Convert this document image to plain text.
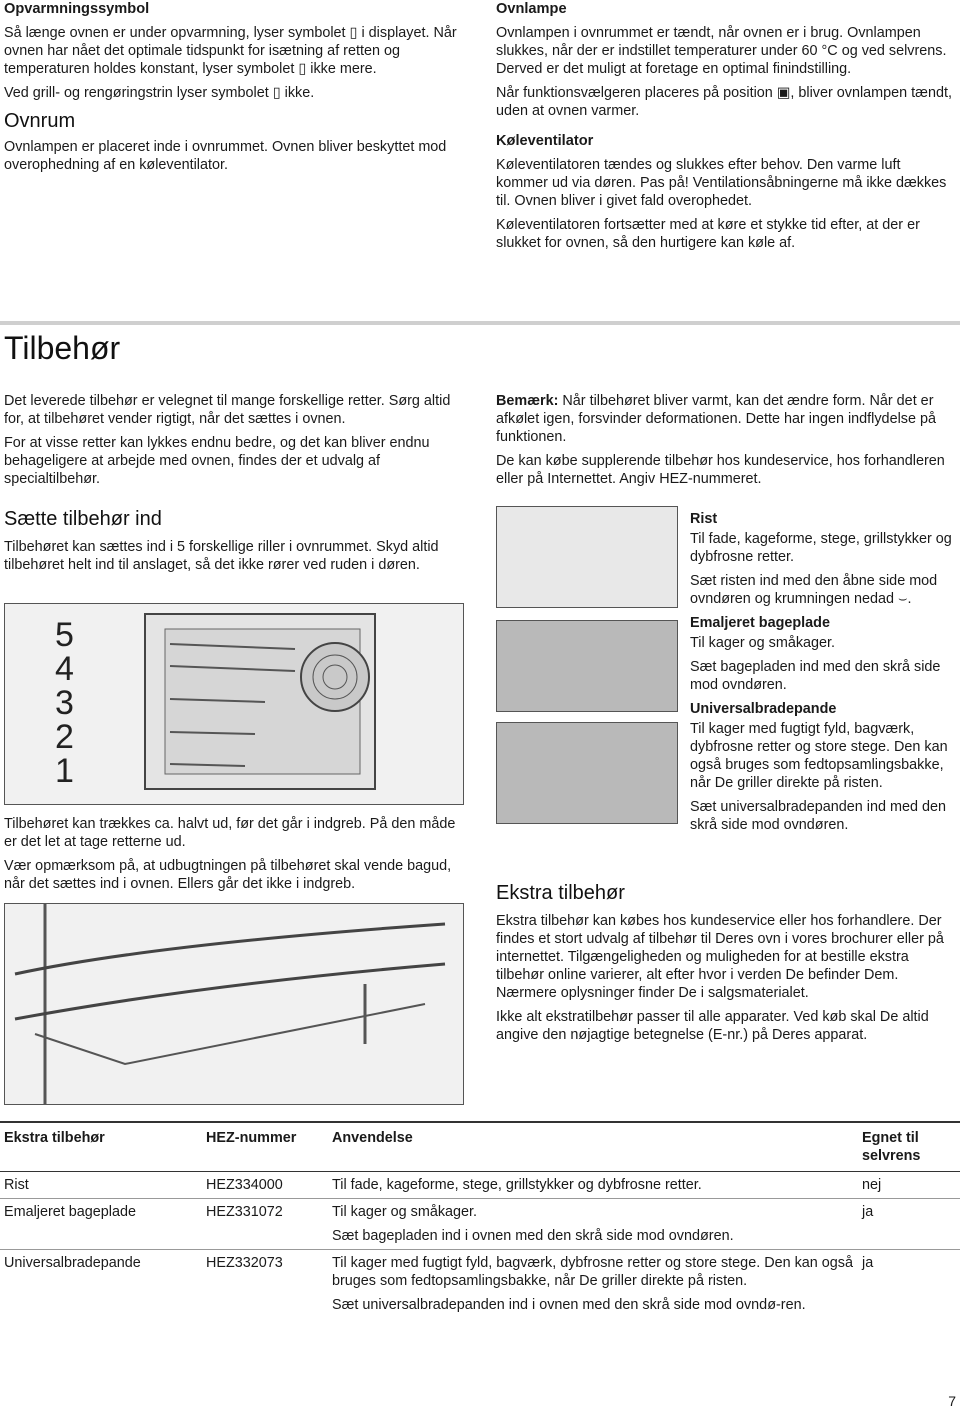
Opvarmningssymbol

Så længe ovnen er under opvarmning, lyser symbolet ▯ i displayet. Når ovnen har nået det optimale tidspunkt for isætning af retten og temperaturen holdes konstant, lyser symbolet ▯ ikke mere.

Ved grill- og rengøringstrin lyser symbolet ▯ ikke.

Ovnrum

Ovnlampen er placeret inde i ovnrummet. Ovnen bliver beskyttet mod overophedning af en køleventilator.

Ovnlampe

Ovnlampen i ovnrummet er tændt, når ovnen er i brug. Ovnlampen slukkes, når der er indstillet temperaturer under 60 °C og ved selvrens. Derved er det muligt at foretage en optimal finindstilling.

Når funktionsvælgeren placeres på position ▣, bliver ovnlampen tændt, uden at ovnen varmer.

Køleventilator

Køleventilatoren tændes og slukkes efter behov. Den varme luft kommer ud via døren. Pas på! Ventilationsåbningerne må ikke dækkes til. Ovnen bliver i givet fald overophedet.

Køleventilatoren fortsætter med at køre et stykke tid efter, at der er slukket for ovnen, så den hurtigere kan køle af.

Tilbehør

Det leverede tilbehør er velegnet til mange forskellige retter. Sørg altid for, at tilbehøret vender rigtigt, når det sættes i ovnen.

For at visse retter kan lykkes endnu bedre, og det kan bliver endnu behageligere at arbejde med ovnen, findes der et udvalg af specialtilbehør.

Sætte tilbehør ind

Tilbehøret kan sættes ind i 5 forskellige riller i ovnrummet. Skyd altid tilbehøret helt ind til anslaget, så det ikke rører ved ruden i døren.

5
4
3
2
1

Tilbehøret kan trækkes ca. halvt ud, før det går i indgreb. På den måde er det let at tage retterne ud.

Vær opmærksom på, at udbugtningen på tilbehøret skal vende bagud, når det sættes ind i ovnen. Ellers går det ikke i indgreb.

Bemærk: Når tilbehøret bliver varmt, kan det ændre form. Når det er afkølet igen, forsvinder deformationen. Dette har ingen indflydelse på funktionen.

De kan købe supplerende tilbehør hos kundeservice, hos forhandleren eller på Internettet. Angiv HEZ-nummeret.

Rist

Til fade, kageforme, stege, grillstykker og dybfrosne retter.

Sæt risten ind med den åbne side mod ovndøren og krumningen nedad ⌣.

Emaljeret bageplade

Til kager og småkager.

Sæt bagepladen ind med den skrå side mod ovndøren.

Universalbradepande

Til kager med fugtigt fyld, bagværk, dybfrosne retter og store stege. Den kan også bruges som fedtopsamlingsbakke, når De griller direkte på risten.

Sæt universalbradepanden ind med den skrå side mod ovndøren.

Ekstra tilbehør

Ekstra tilbehør kan købes hos kundeservice eller hos forhandlere. Der findes et stort udvalg af tilbehør til Deres ovn i vores brochurer eller på internettet. Tilgængeligheden og muligheden for at bestille ekstra tilbehør online varierer, alt efter hvor i verden De befinder Dem. Nærmere oplysninger finder De i salgsmaterialet.

Ikke alt ekstratilbehør passer til alle apparater. Ved køb skal De altid angive den nøjagtige betegnelse (E-nr.) på Deres apparat.

Ekstra tilbehør	HEZ-nummer	Anvendelse	Egnet til selvrens
Rist	HEZ334000	Til fade, kageforme, stege, grillstykker og dybfrosne retter.	nej
Emaljeret bageplade	HEZ331072	Til kager og småkager.
Sæt bagepladen ind i ovnen med den skrå side mod ovndøren.	ja
Universalbradepande	HEZ332073	Til kager med fugtigt fyld, bagværk, dybfrosne retter og store stege. Den kan også bruges som fedtopsamlingsbakke, når De griller direkte på risten.
Sæt universalbradepanden ind i ovnen med den skrå side mod ovndø-ren.	ja
7
